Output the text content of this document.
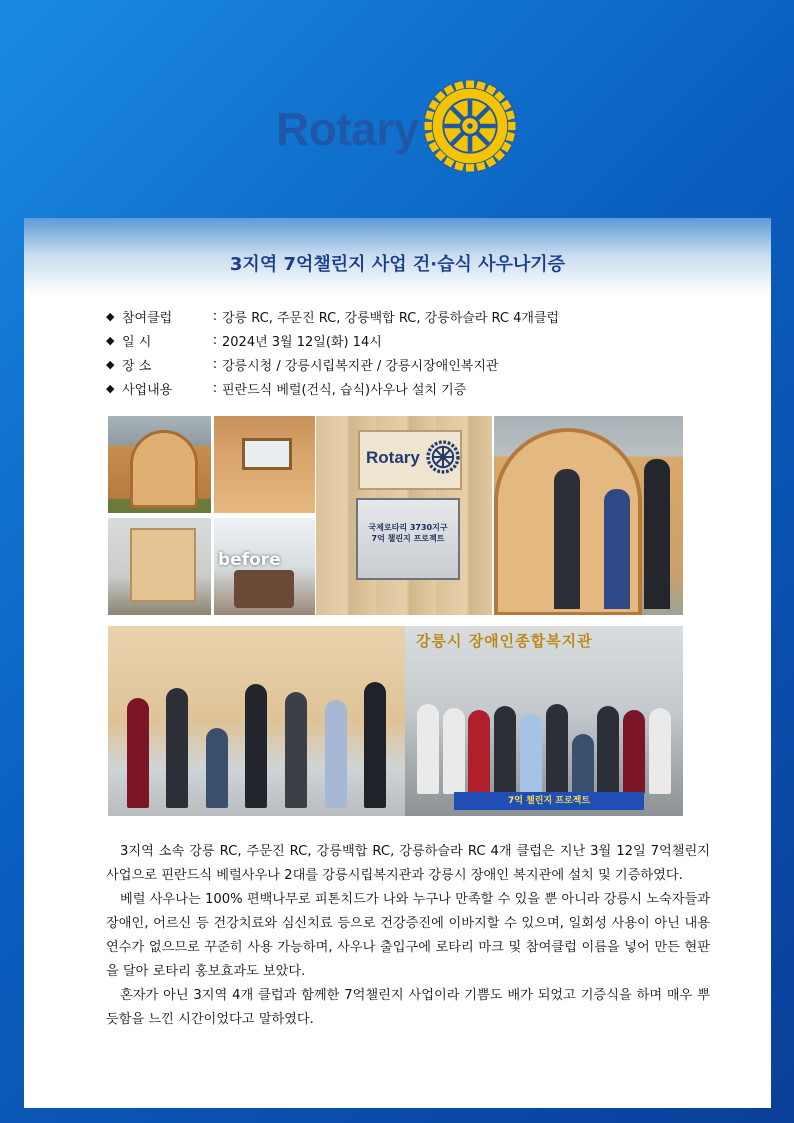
Rotary
3지역 7억챌린지 사업 건·습식 사우나기증
◆ 참여클럽	: 강릉 RC, 주문진 RC, 강릉백합 RC, 강릉하슬라 RC 4개클럽
◆ 일 시	: 2024년 3월 12일(화) 14시
◆ 장 소	: 강릉시청 / 강릉시립복지관 / 강릉시장애인복지관
◆ 사업내용	: 핀란드식 베럴(건식, 습식)사우나 설치 기증
before
Rotary
국제로타리 3730지구
7억 챌린지 프로젝트
강릉시 장애인종합복지관
7억 챌린지 프로젝트

3지역 소속 강릉 RC, 주문진 RC, 강릉백합 RC, 강릉하슬라 RC 4개 클럽은 지난 3월 12일 7억챌린지 사업으로 핀란드식 베럴사우나 2대를 강릉시립복지관과 강릉시 장애인 복지관에 설치 및 기증하였다.

베럴 사우나는 100% 편백나무로 피톤치드가 나와 누구나 만족할 수 있을 뿐 아니라 강릉시 노숙자들과 장애인, 어르신 등 건강치료와 심신치료 등으로 건강증진에 이바지할 수 있으며, 일회성 사용이 아닌 내용 연수가 없으므로 꾸준히 사용 가능하며, 사우나 출입구에 로타리 마크 및 참여클럽 이름을 넣어 만든 현판을 달아 로타리 홍보효과도 보았다.

혼자가 아닌 3지역 4개 클럽과 함께한 7억챌린지 사업이라 기쁨도 배가 되었고 기증식을 하며 매우 뿌듯함을 느낀 시간이었다고 말하였다.
